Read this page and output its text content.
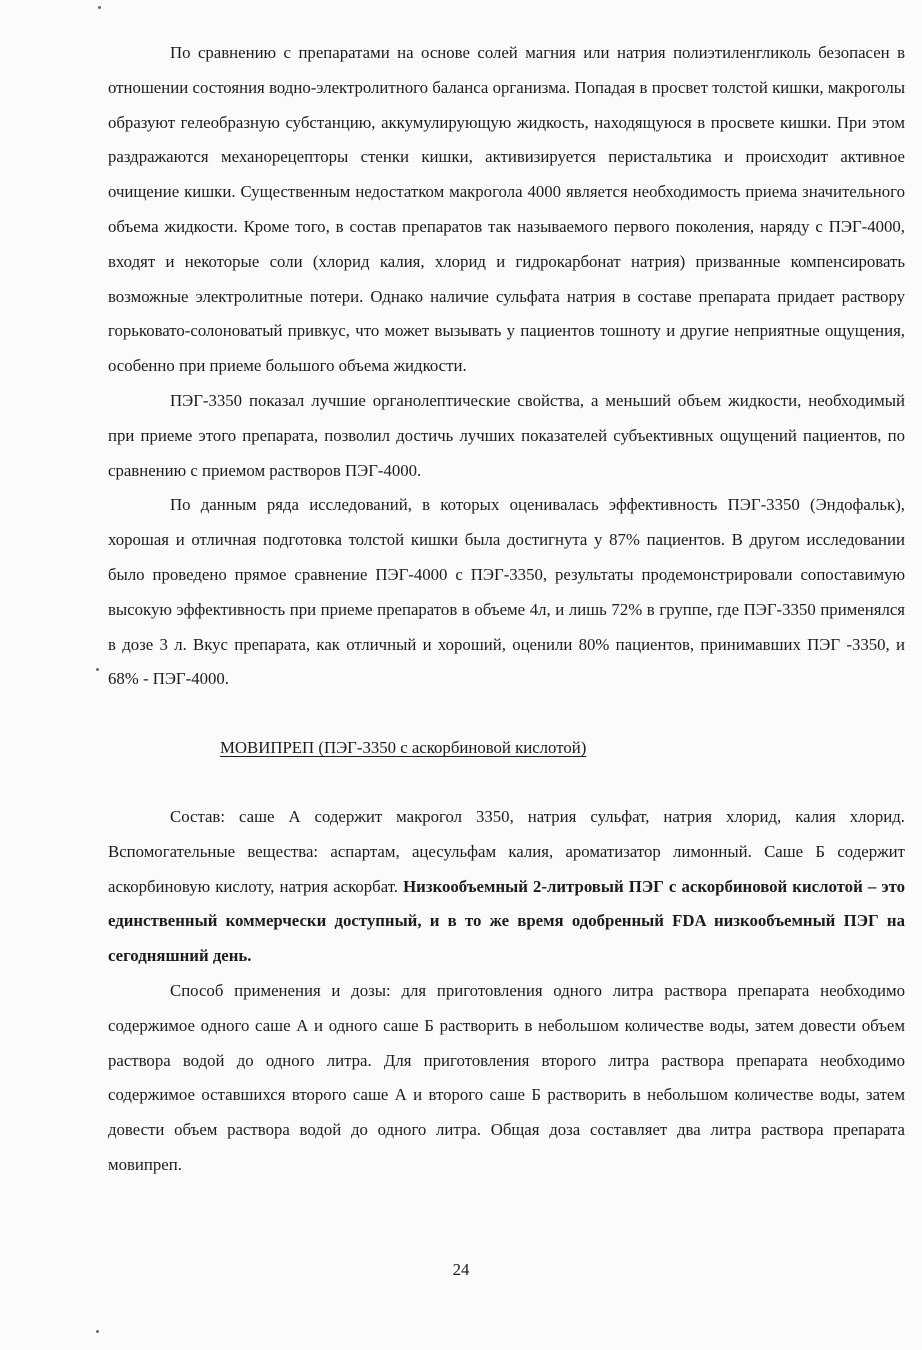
По сравнению с препаратами на основе солей магния или натрия полиэтиленгликоль безопасен в отношении состояния водно-электролитного баланса организма. Попадая в просвет толстой кишки, макроголы образуют гелеобразную субстанцию, аккумулирующую жидкость, находящуюся в просвете кишки. При этом раздражаются механорецепторы стенки кишки, активизируется перистальтика и происходит активное очищение кишки. Существенным недостатком макрогола 4000 является необходимость приема значительного объема жидкости. Кроме того, в состав препаратов так называемого первого поколения, наряду с ПЭГ-4000, входят и некоторые соли (хлорид калия, хлорид и гидрокарбонат натрия) призванные компенсировать возможные электролитные потери. Однако наличие сульфата натрия в составе препарата придает раствору горьковато-солоноватый привкус, что может вызывать у пациентов тошноту и другие неприятные ощущения, особенно при приеме большого объема жидкости.

ПЭГ-3350 показал лучшие органолептические свойства, а меньший объем жидкости, необходимый при приеме этого препарата, позволил достичь лучших показателей субъективных ощущений пациентов, по сравнению с приемом растворов ПЭГ-4000.

По данным ряда исследований, в которых оценивалась эффективность ПЭГ-3350 (Эндофальк), хорошая и отличная подготовка толстой кишки была достигнута у 87% пациентов. В другом исследовании было проведено прямое сравнение ПЭГ-4000 с ПЭГ-3350, результаты продемонстрировали сопоставимую высокую эффективность при приеме препаратов в объеме 4л, и лишь 72% в группе, где ПЭГ-3350 применялся в дозе 3 л. Вкус препарата, как отличный и хороший, оценили 80% пациентов, принимавших ПЭГ -3350, и 68% - ПЭГ-4000.

МОВИПРЕП (ПЭГ-3350 с аскорбиновой кислотой)

Состав: саше А содержит макрогол 3350, натрия сульфат, натрия хлорид, калия хлорид. Вспомогательные вещества: аспартам, ацесульфам калия, ароматизатор лимонный. Саше Б содержит аскорбиновую кислоту, натрия аскорбат. Низкообъемный 2-литровый ПЭГ с аскорбиновой кислотой – это единственный коммерчески доступный, и в то же время одобренный FDA низкообъемный ПЭГ на сегодняшний день.

Способ применения и дозы: для приготовления одного литра раствора препарата необходимо содержимое одного саше А и одного саше Б растворить в небольшом количестве воды, затем довести объем раствора водой до одного литра. Для приготовления второго литра раствора препарата необходимо содержимое оставшихся второго саше А и второго саше Б растворить в небольшом количестве воды, затем довести объем раствора водой до одного литра. Общая доза составляет два литра раствора препарата мовипреп.

24
